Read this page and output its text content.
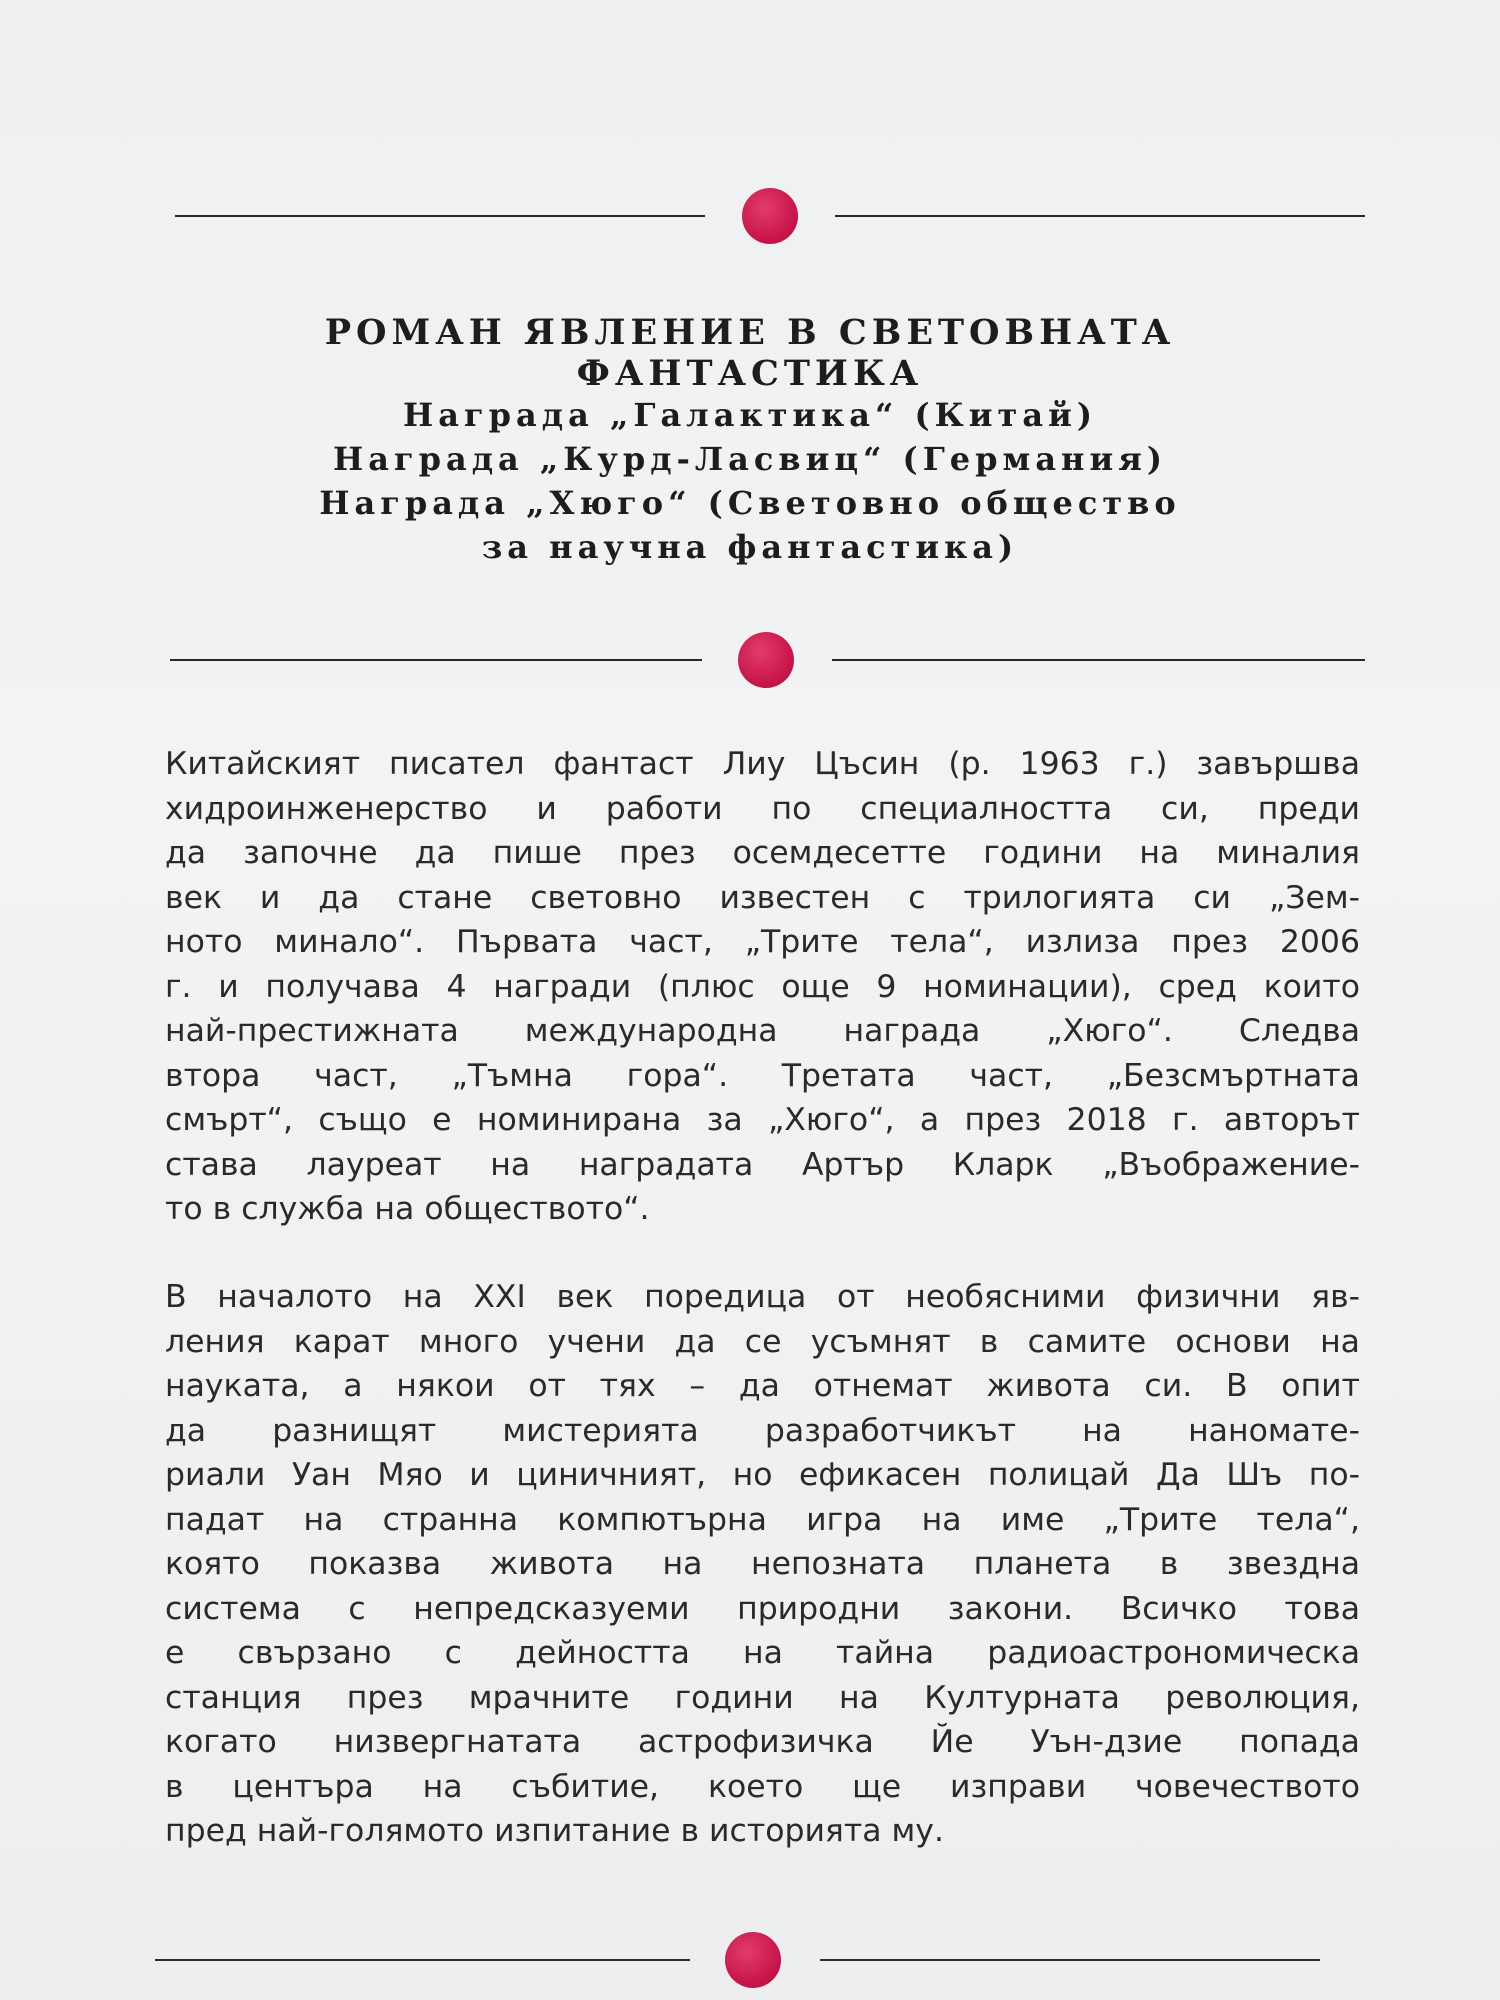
РОМАН ЯВЛЕНИЕ В СВЕТОВНАТА ФАНТАСТИКА
Награда „Галактика“ (Китай)
Награда „Курд-Ласвиц“ (Германия)
Награда „Хюго“ (Световно общество
за научна фантастика)
Китайският писател фантаст Лиу Цъсин (р. 1963 г.) завършва
хидроинженерство и работи по специалността си, преди
да започне да пише през осемдесетте години на миналия
век и да стане световно известен с трилогията си „Зем-
ното минало“. Първата част, „Трите тела“, излиза през 2006
г. и получава 4 награди (плюс още 9 номинации), сред които
най-престижната международна награда „Хюго“. Следва
втора част, „Тъмна гора“. Третата част, „Безсмъртната
смърт“, също е номинирана за „Хюго“, а през 2018 г. авторът
става лауреат на наградата Артър Кларк „Въображение-
то в служба на обществото“.
В началото на XXI век поредица от необясними физични яв-
ления карат много учени да се усъмнят в самите основи на
науката, а някои от тях – да отнемат живота си. В опит
да разнищят мистерията разработчикът на наномате-
риали Уан Мяо и циничният, но ефикасен полицай Да Шъ по-
падат на странна компютърна игра на име „Трите тела“,
която показва живота на непозната планета в звездна
система с непредсказуеми природни закони. Всичко това
е свързано с дейността на тайна радиоастрономическа
станция през мрачните години на Културната революция,
когато низвергнатата астрофизичка Йе Уън-дзие попада
в центъра на събитие, което ще изправи човечеството
пред най-голямото изпитание в историята му.
